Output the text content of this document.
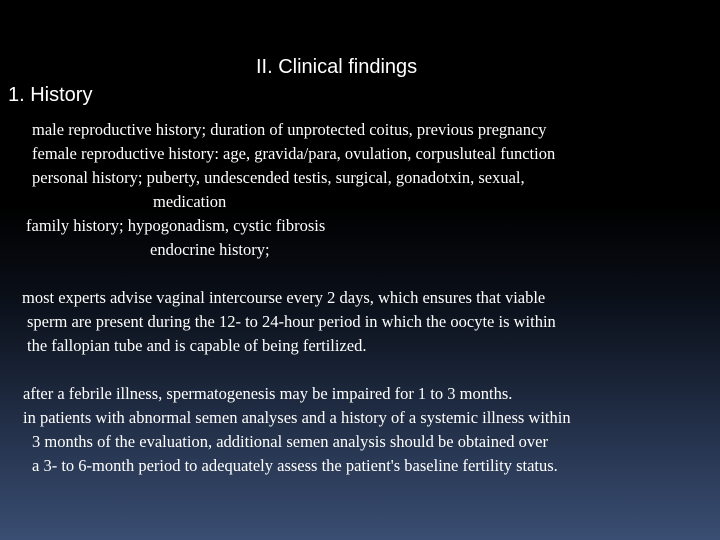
II. Clinical findings
1. History
male reproductive history; duration of unprotected coitus, previous pregnancy
female reproductive history: age, gravida/para, ovulation, corpusluteal function
personal history; puberty, undescended testis, surgical, gonadotxin, sexual,
medication
family history; hypogonadism, cystic fibrosis
endocrine history;
most experts advise vaginal intercourse every 2 days, which ensures that viable
sperm are present during the 12- to 24-hour period in which the oocyte is within
the fallopian tube and is capable of being fertilized.
after a febrile illness, spermatogenesis may be impaired for 1 to 3 months.
in patients with abnormal semen analyses and a history of a systemic illness within
3 months of the evaluation, additional semen analysis should be obtained over
a 3- to 6-month period to adequately assess the patient's baseline fertility status.
